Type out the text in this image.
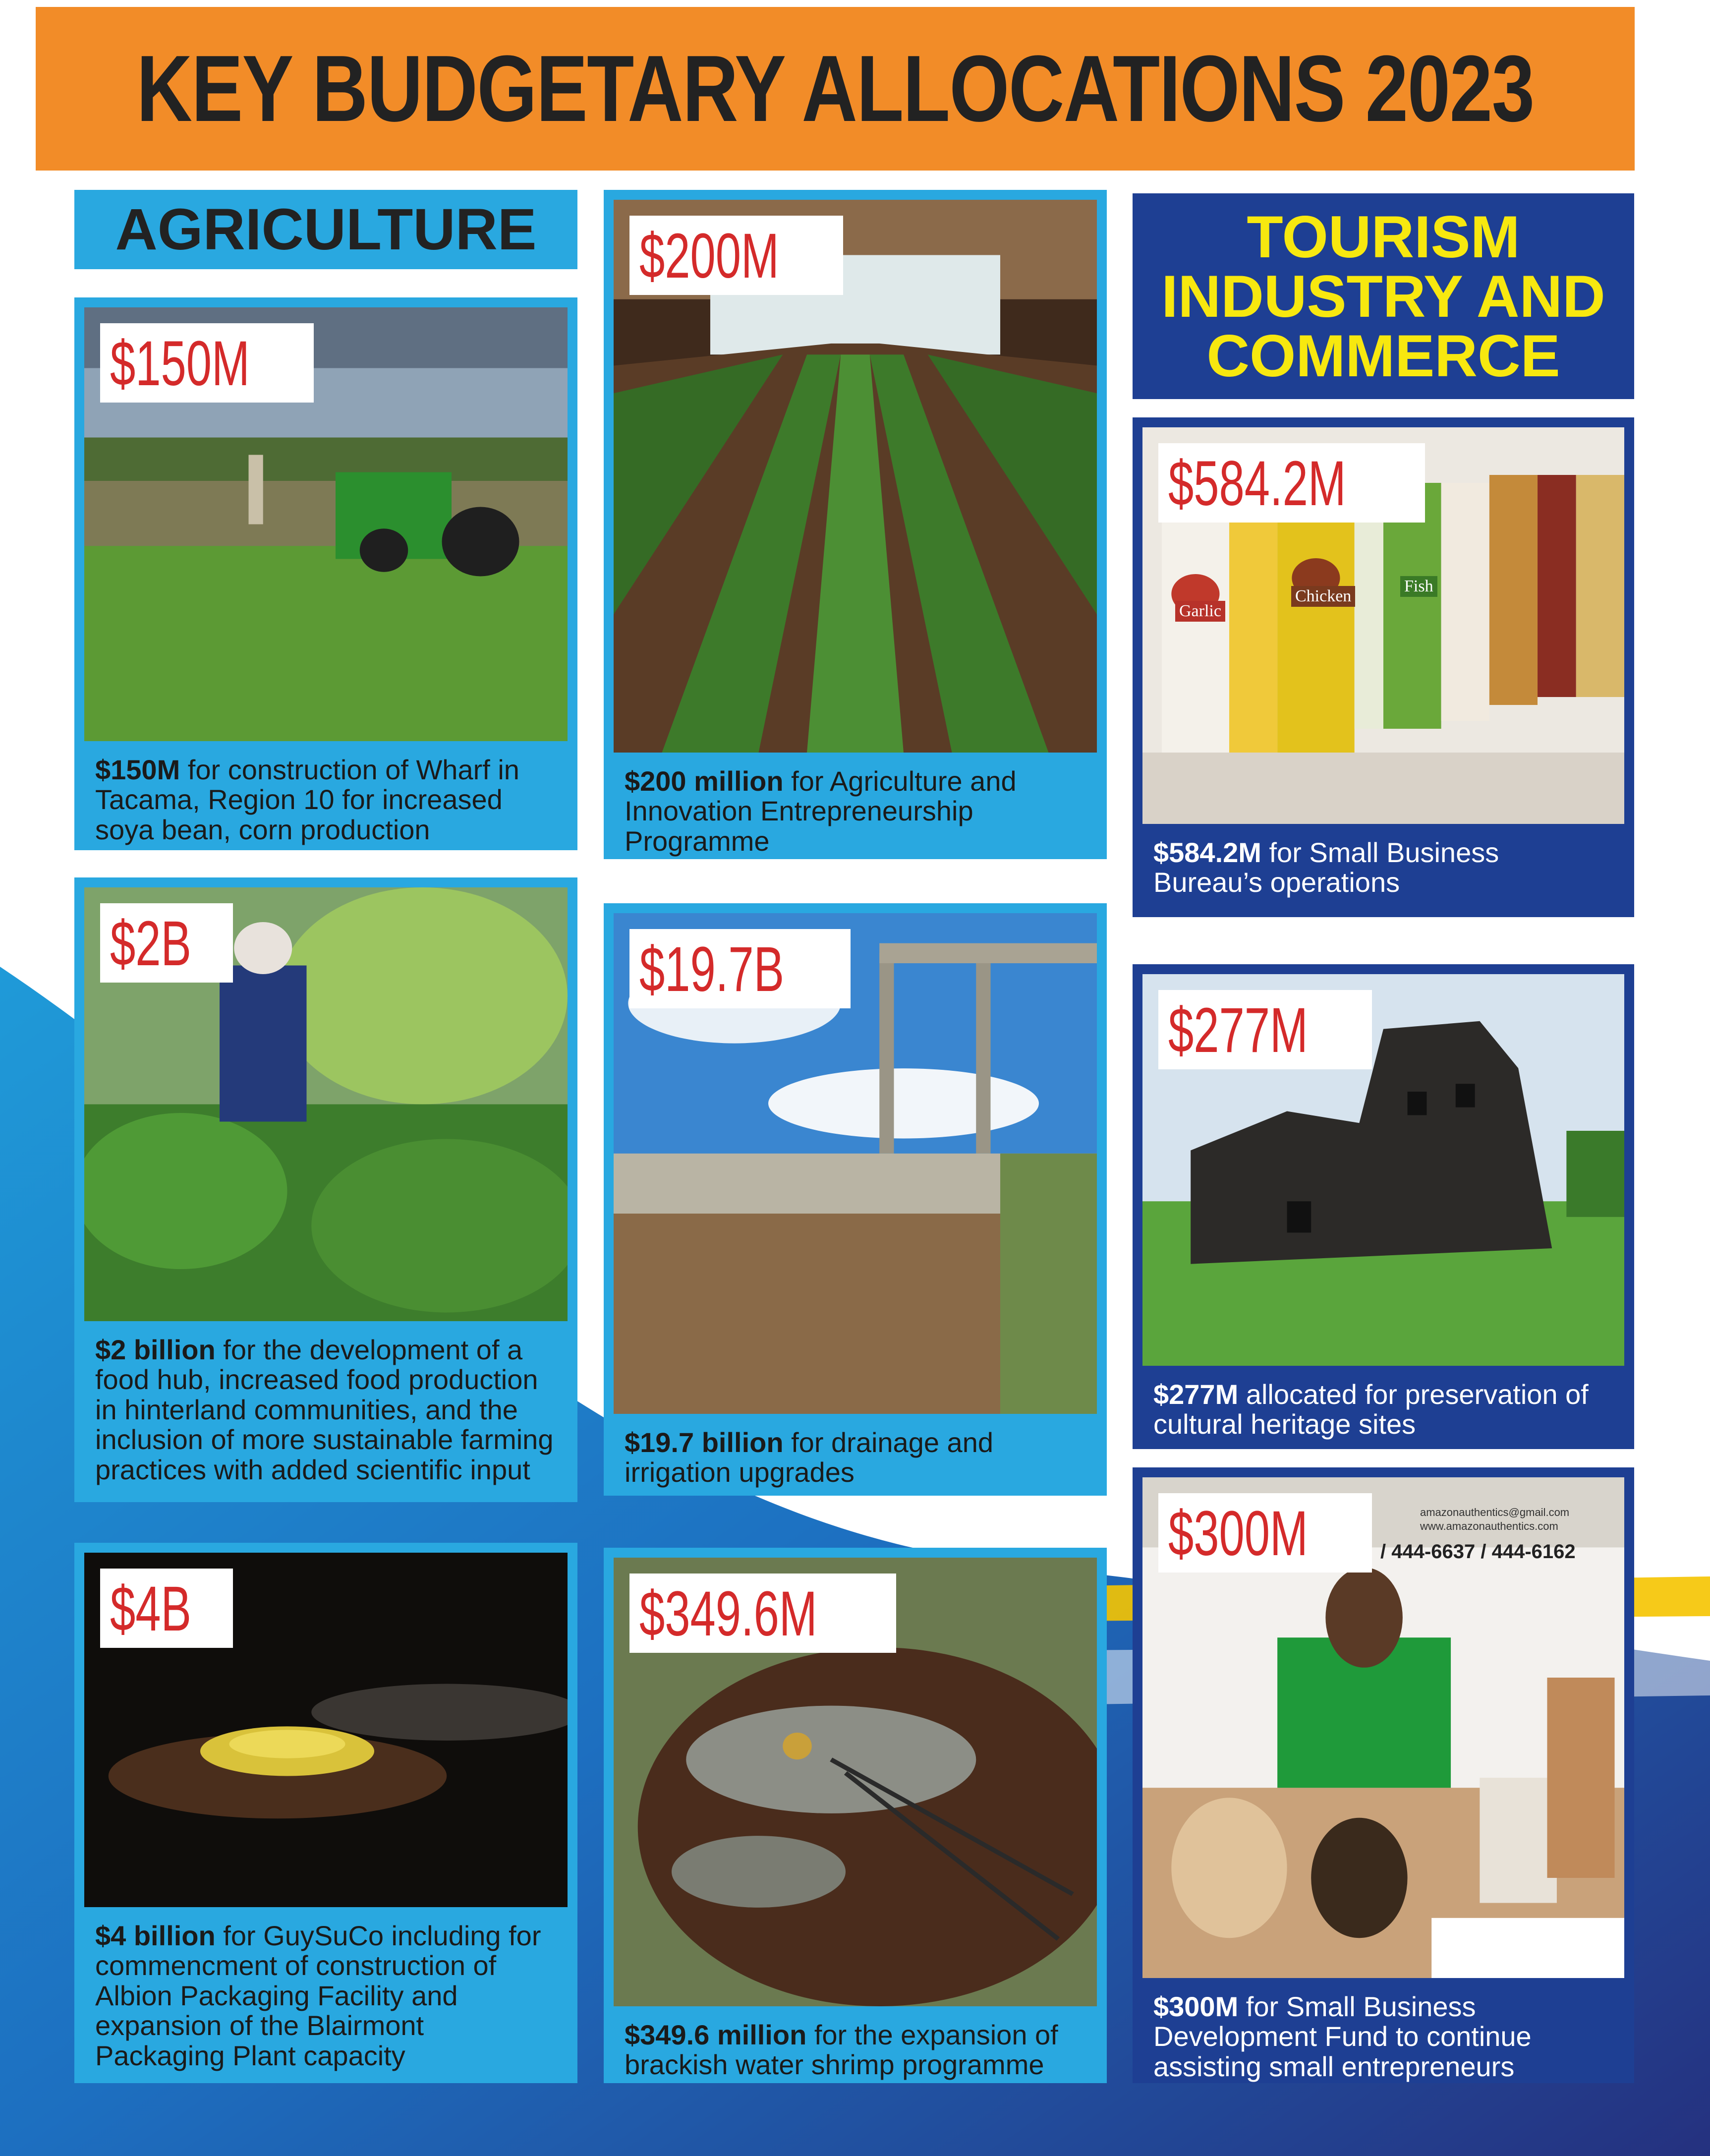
KEY BUDGETARY ALLOCATIONS 2023
AGRICULTURE	TOURISM
INDUSTRY AND
COMMERCE
$150M
$150M for construction of Wharf in Tacama, Region 10 for increased soya bean, corn production
$200M
$200 million for Agriculture and Innovation Entrepreneurship Programme
$584.2M
Garlic
Chicken
Fish
$584.2M for Small Business Bureau’s operations
$2B
$2 billion for the development of a food hub, increased food production in hinterland communities, and the inclusion of more sustainable farming practices with added scientific input
$19.7B
$19.7 billion for drainage and irrigation upgrades
$277M
$277M allocated for preservation of cultural heritage sites
$4B
$4 billion for GuySuCo including for commencment of construction of Albion Packaging Facility and expansion of the Blairmont Packaging Plant capacity
$349.6M
$349.6 million for the expansion of brackish water shrimp programme
$300M	amazonauthentics@gmail.com
www.amazonauthentics.com
/ 444-6637 / 444-6162
$300M for Small Business Development Fund to continue assisting small entrepreneurs
